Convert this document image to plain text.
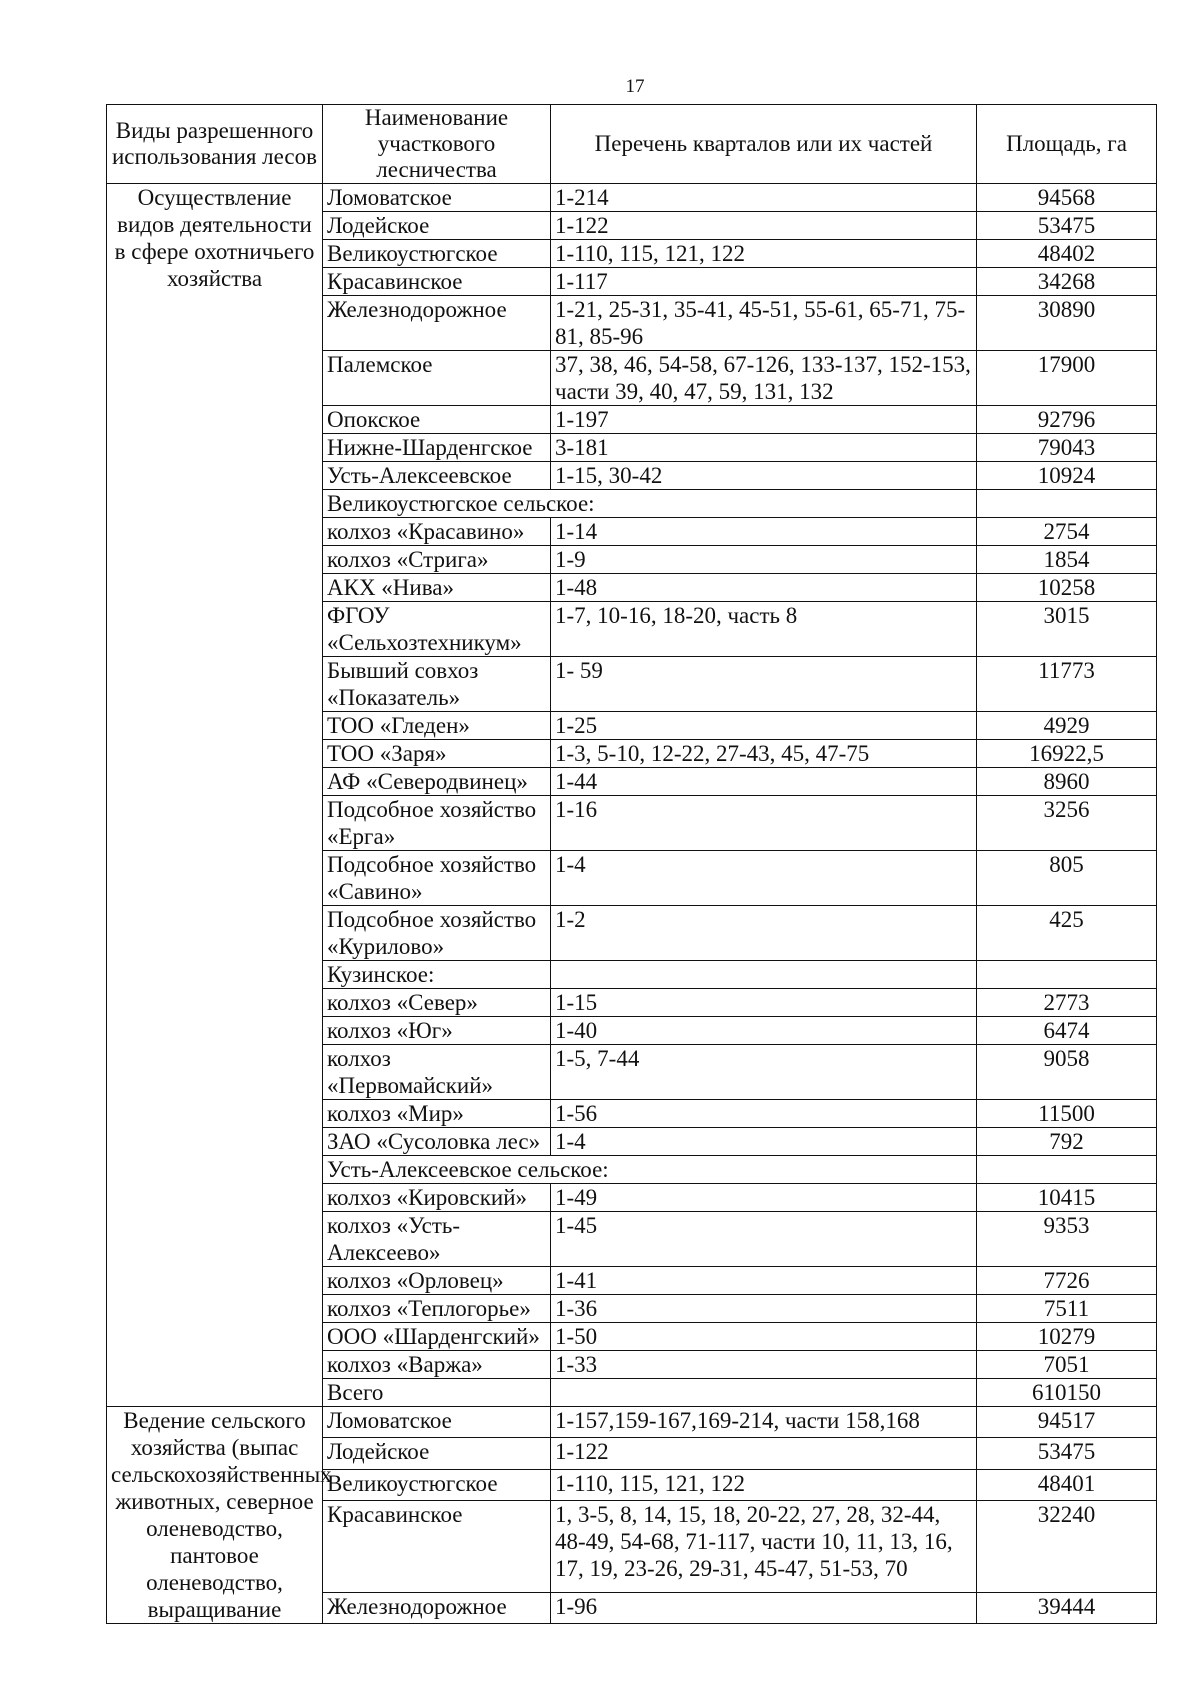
17
Виды разрешенного использования лесов	Наименование участкового лесничества	Перечень кварталов или их частей	Площадь, га
Осуществление видов деятельности в сфере охотничьего хозяйства	Ломоватское	1-214	94568
	Лодейское	1-122	53475
	Великоустюгское	1-110, 115, 121, 122	48402
	Красавинское	1-117	34268
	Железнодорожное	1-21, 25-31, 35-41, 45-51, 55-61, 65-71, 75-81, 85-96	30890
	Палемское	37, 38, 46, 54-58, 67-126, 133-137, 152-153, части 39, 40, 47, 59, 131, 132	17900
	Опокское	1-197	92796
	Нижне-Шарденгское	3-181	79043
	Усть-Алексеевское	1-15, 30-42	10924
	Великоустюгское сельское:		
	колхоз «Красавино»	1-14	2754
	колхоз «Стрига»	1-9	1854
	АКХ «Нива»	1-48	10258
	ФГОУ «Сельхозтехникум»	1-7, 10-16, 18-20, часть 8	3015
	Бывший совхоз «Показатель»	1- 59	11773
	ТОО «Гледен»	1-25	4929
	ТОО «Заря»	1-3, 5-10, 12-22, 27-43, 45, 47-75	16922,5
	АФ «Северодвинец»	1-44	8960
	Подсобное хозяйство «Ерга»	1-16	3256
	Подсобное хозяйство «Савино»	1-4	805
	Подсобное хозяйство «Курилово»	1-2	425
	Кузинское:		
	колхоз «Север»	1-15	2773
	колхоз «Юг»	1-40	6474
	колхоз «Первомайский»	1-5, 7-44	9058
	колхоз «Мир»	1-56	11500
	ЗАО «Сусоловка лес»	1-4	792
	Усть-Алексеевское сельское:		
	колхоз «Кировский»	1-49	10415
	колхоз «Усть-Алексеево»	1-45	9353
	колхоз «Орловец»	1-41	7726
	колхоз «Теплогорье»	1-36	7511
	ООО «Шарденгский»	1-50	10279
	колхоз «Варжа»	1-33	7051
	Всего		610150
Ведение сельского хозяйства (выпас сельскохозяйственных животных, северное оленеводство, пантовое оленеводство, выращивание	Ломоватское	1-157,159-167,169-214, части 158,168	94517
	Лодейское	1-122	53475
	Великоустюгское	1-110, 115, 121, 122	48401
	Красавинское	1, 3-5, 8, 14, 15, 18, 20-22, 27, 28, 32-44, 48-49, 54-68, 71-117, части 10, 11, 13, 16, 17, 19, 23-26, 29-31, 45-47, 51-53, 70	32240
	Железнодорожное	1-96	39444
